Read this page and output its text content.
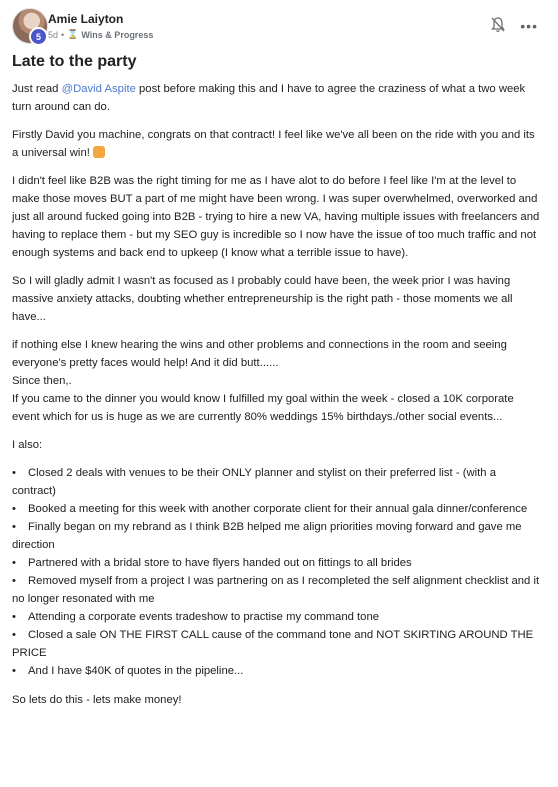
5
Amie Laiyton
5d • ⌛ Wins & Progress
•••
Late to the party

Just read @David Aspite post before making this and I have to agree the craziness of what a two week turn around can do.

Firstly David you machine, congrats on that contract! I feel like we've all been on the ride with you and its a universal win!

I didn't feel like B2B was the right timing for me as I have alot to do before I feel like I'm at the level to make those moves BUT a part of me might have been wrong. I was super overwhelmed, overworked and just all around fucked going into B2B - trying to hire a new VA, having multiple issues with freelancers and having to replace them - but my SEO guy is incredible so I now have the issue of too much traffic and not enough systems and back end to upkeep (I know what a terrible issue to have).

So I will gladly admit I wasn't as focused as I probably could have been, the week prior I was having massive anxiety attacks, doubting whether entrepreneurship is the right path - those moments we all have...

if nothing else I knew hearing the wins and other problems and connections in the room and seeing everyone's pretty faces would help! And it did butt......
Since then,.
If you came to the dinner you would know I fulfilled my goal within the week - closed a 10K corporate event which for us is huge as we are currently 80% weddings 15% birthdays./other social events...

I also:

• Closed 2 deals with venues to be their ONLY planner and stylist on their preferred list - (with a contract)
• Booked a meeting for this week with another corporate client for their annual gala dinner/conference
• Finally began on my rebrand as I think B2B helped me align priorities moving forward and gave me direction
• Partnered with a bridal store to have flyers handed out on fittings to all brides
• Removed myself from a project I was partnering on as I recompleted the self alignment checklist and it no longer resonated with me
• Attending a corporate events tradeshow to practise my command tone
• Closed a sale ON THE FIRST CALL cause of the command tone and NOT SKIRTING AROUND THE PRICE
• And I have $40K of quotes in the pipeline...

So lets do this - lets make money!
